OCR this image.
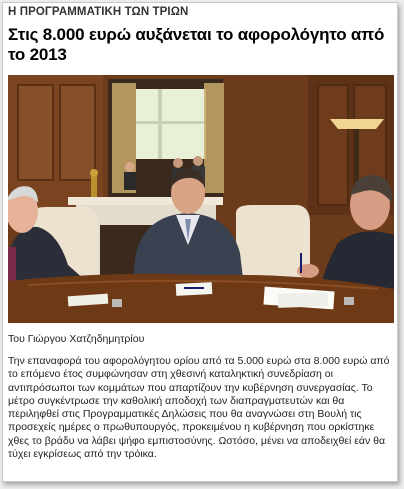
Η ΠΡΟΓΡΑΜΜΑΤΙΚΗ ΤΩΝ ΤΡΙΩΝ
Στις 8.000 ευρώ αυξάνεται το αφορολόγητο από το 2013
Του Γιώργου Χατζηδημητρίου

Την επαναφορά του αφορολόγητου ορίου από τα 5.000 ευρώ στα 8.000 ευρώ από το επόμενο έτος συμφώνησαν στη χθεσινή καταληκτική συνεδρίαση οι αντιπρόσωποι των κομμάτων που απαρτίζουν την κυβέρνηση συνεργασίας. Το μέτρο συγκέντρωσε την καθολική αποδοχή των διαπραγματευτών και θα περιληφθεί στις Προγραμματικές Δηλώσεις που θα αναγνώσει στη Βουλή τις προσεχείς ημέρες ο πρωθυπουργός, προκειμένου η κυβέρνηση που ορκίστηκε χθες το βράδυ να λάβει ψήφο εμπιστοσύνης. Ωστόσο, μένει να αποδειχθεί εάν θα τύχει εγκρίσεως από την τρόικα.
